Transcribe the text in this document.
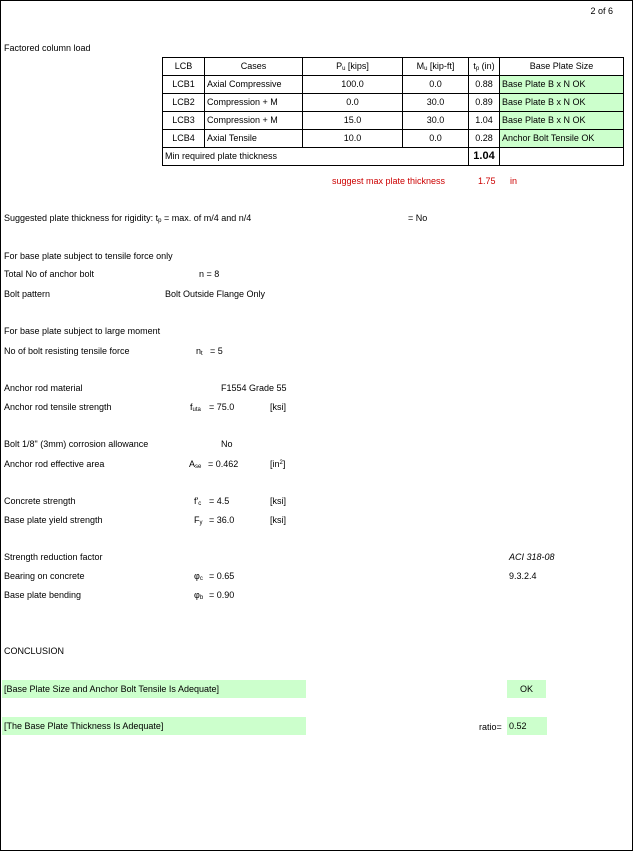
2 of 6
Factored column load
LCB	Cases	$P_u$ [kips]	$M_u$ [kip-ft]	$t_p$ (in)	Base Plate Size
LCB1	Axial Compressive	100.0	0.0	0.88	Base Plate B x N OK
LCB2	Compression + M	0.0	30.0	0.89	Base Plate B x N OK
LCB3	Compression + M	15.0	30.0	1.04	Base Plate B x N OK
LCB4	Axial Tensile	10.0	0.0	0.28	Anchor Bolt Tensile OK
Min required plate thickness				1.04	
suggest max plate thickness	1.75 in
Suggested plate thickness for rigidity: $t_p = \max$. of m/4 and n/4	= No
For base plate subject to tensile force only
Total No of anchor bolt	n = 8
Bolt pattern	Bolt Outside Flange Only
For base plate subject to large moment
No of bolt resisting tensile force	$n_t = 5$
Anchor rod material	F1554 Grade 55
Anchor rod tensile strength	$f_{uta} = 75.0$	[ksi]
Bolt 1/8" (3mm) corrosion allowance	No
Anchor rod effective area	$A_{se} = 0.462$	$[in^2]$
Concrete strength	$f'_c = 4.5$	[ksi]
Base plate yield strength	$F_y = 36.0$	[ksi]
Strength reduction factor	ACI 318-08
Bearing on concrete	$\varphi_c = 0.65$	9.3.2.4
Base plate bending	$\varphi_b = 0.90$
CONCLUSION
[Base Plate Size and Anchor Bolt Tensile Is Adequate]	OK
[The Base Plate Thickness Is Adequate]	ratio= 0.52
